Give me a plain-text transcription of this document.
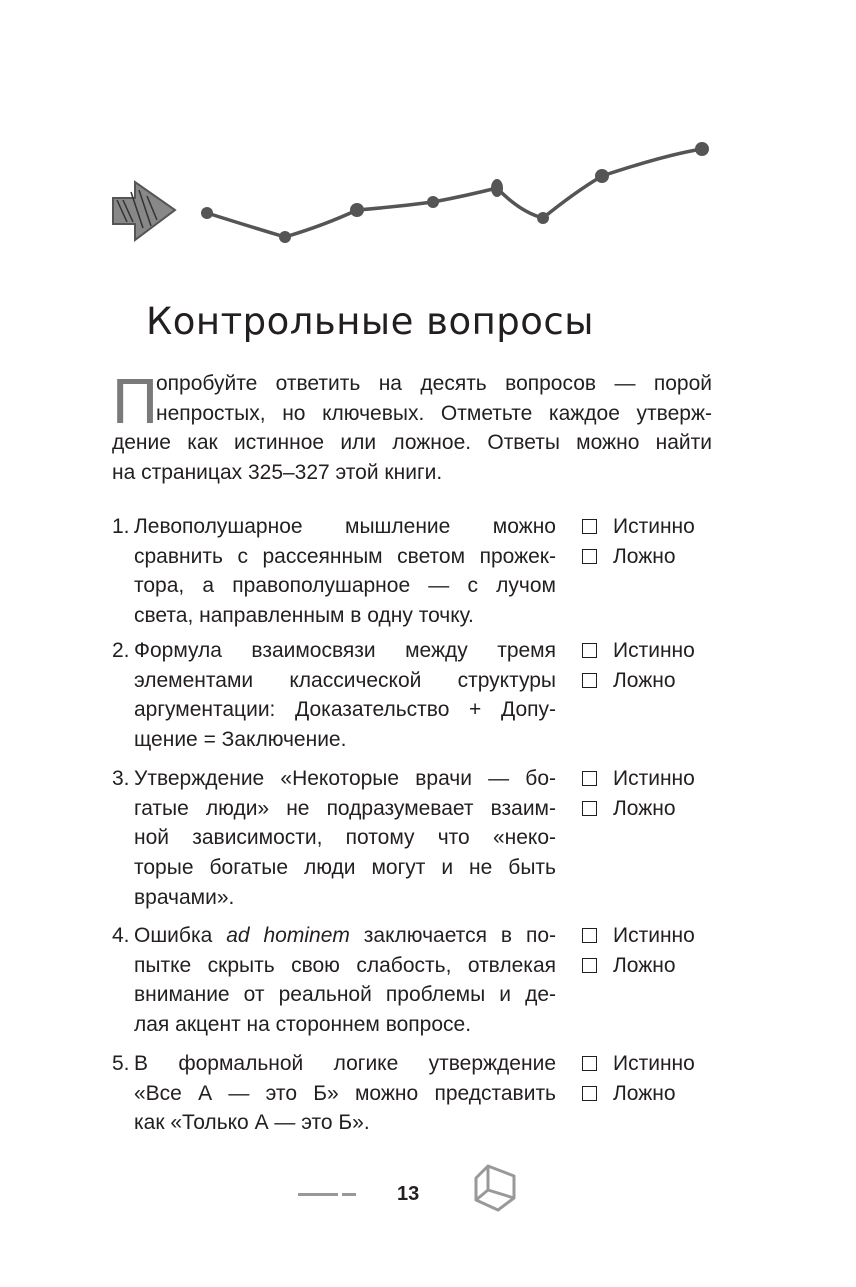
Контрольные вопросы
П
опробуйте ответить на десять вопросов — порой
непростых, но ключевых. Отметьте каждое утверж-
дение как истинное или ложное. Ответы можно найти
на страницах 325–327 этой книги.
1. Левополушарное мышление можно
сравнить с рассеянным светом прожек-
тора, а правополушарное — с лучом
света, направленным в одну точку.
Истинно
Ложно
2. Формула взаимосвязи между тремя
элементами классической структуры
аргументации: Доказательство + Допу-
щение = Заключение.
Истинно
Ложно
3. Утверждение «Некоторые врачи — бо-
гатые люди» не подразумевает взаим-
ной зависимости, потому что «неко-
торые богатые люди могут и не быть
врачами».
Истинно
Ложно
4. Ошибка ad hominem заключается в по-
пытке скрыть свою слабость, отвлекая
внимание от реальной проблемы и де-
лая акцент на стороннем вопросе.
Истинно
Ложно
5. В формальной логике утверждение
«Все А — это Б» можно представить
как «Только А — это Б».
Истинно
Ложно
13
